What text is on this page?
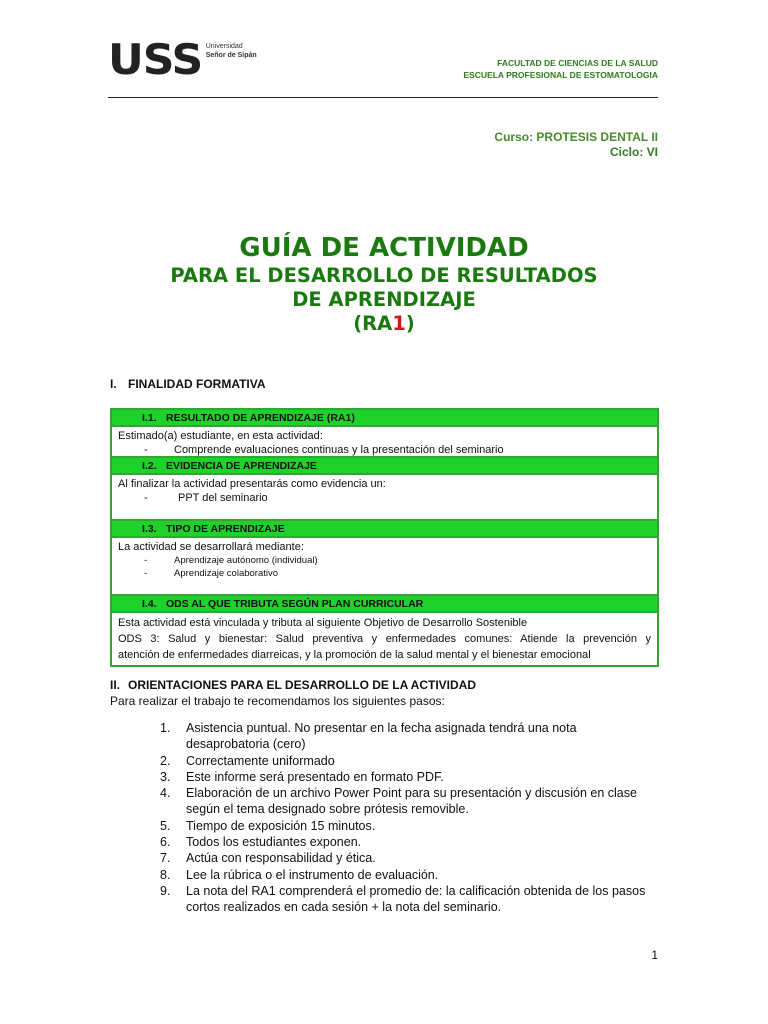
USS Universidad
Señor de Sipán
FACULTAD DE CIENCIAS DE LA SALUD
ESCUELA PROFESIONAL DE ESTOMATOLOGIA
Curso: PROTESIS DENTAL II
Ciclo: VI
GUÍA DE ACTIVIDAD
PARA EL DESARROLLO DE RESULTADOS
DE APRENDIZAJE
(RA1)
I. FINALIDAD FORMATIVA
I.1. RESULTADO DE APRENDIZAJE (RA1)
Estimado(a) estudiante, en esta actividad:
- Comprende evaluaciones continuas y la presentación del seminario
I.2. EVIDENCIA DE APRENDIZAJE
Al finalizar la actividad presentarás como evidencia un:
- PPT del seminario
I.3. TIPO DE APRENDIZAJE
La actividad se desarrollará mediante:
- Aprendizaje autónomo (individual)
- Aprendizaje colaborativo
I.4. ODS AL QUE TRIBUTA SEGÚN PLAN CURRICULAR
Esta actividad está vinculada y tributa al siguiente Objetivo de Desarrollo Sostenible
ODS 3: Salud y bienestar: Salud preventiva y enfermedades comunes: Atiende la prevención y
atención de enfermedades diarreicas, y la promoción de la salud mental y el bienestar emocional
II. ORIENTACIONES PARA EL DESARROLLO DE LA ACTIVIDAD
Para realizar el trabajo te recomendamos los siguientes pasos:
1.	Asistencia puntual. No presentar en la fecha asignada tendrá una nota desaprobatoria (cero)
2.	Correctamente uniformado
3.	Este informe será presentado en formato PDF.
4.	Elaboración de un archivo Power Point para su presentación y discusión en clase según el tema designado sobre prótesis removible.
5.	Tiempo de exposición 15 minutos.
6.	Todos los estudiantes exponen.
7.	Actúa con responsabilidad y ética.
8.	Lee la rúbrica o el instrumento de evaluación.
9.	La nota del RA1 comprenderá el promedio de: la calificación obtenida de los pasos cortos realizados en cada sesión + la nota del seminario.
1
